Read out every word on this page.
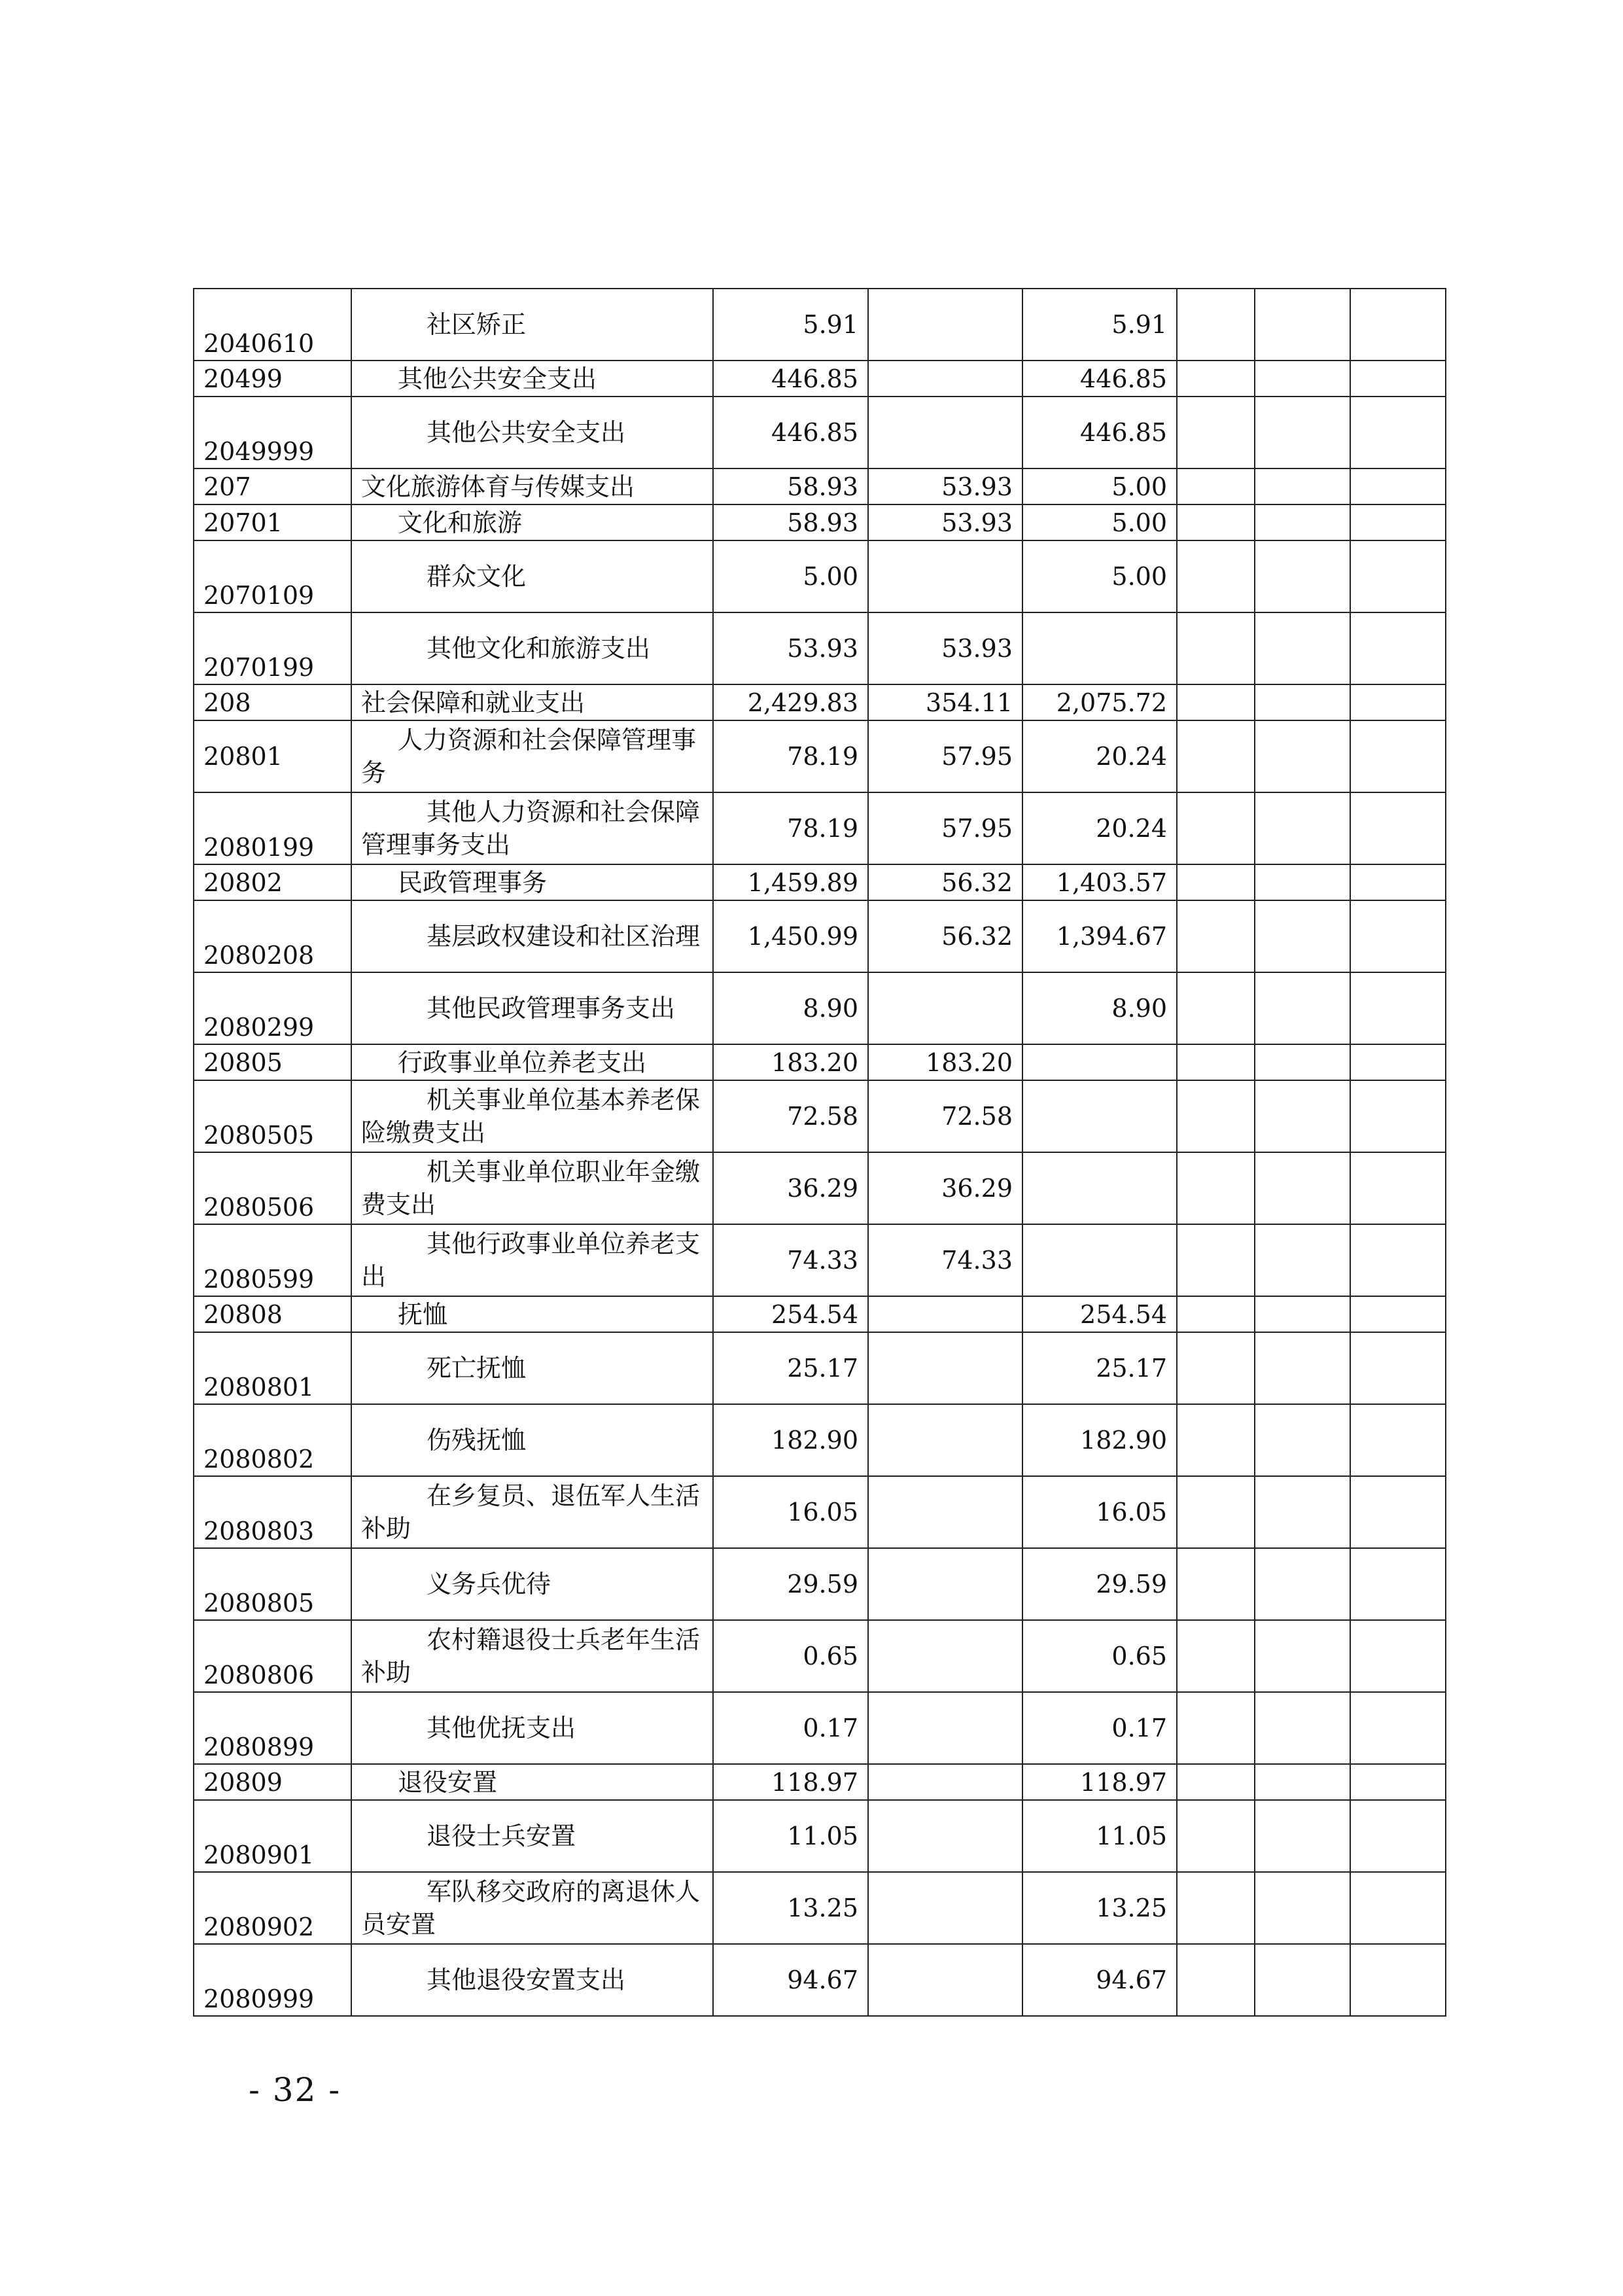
2040610	社区矫正	5.91		5.91			
20499	其他公共安全支出	446.85		446.85			
2049999	其他公共安全支出	446.85		446.85			
207	文化旅游体育与传媒支出	58.93	53.93	5.00			
20701	文化和旅游	58.93	53.93	5.00			
2070109	群众文化	5.00		5.00			
2070199	其他文化和旅游支出	53.93	53.93				
208	社会保障和就业支出	2,429.83	354.11	2,075.72			
20801	人力资源和社会保障管理事务	78.19	57.95	20.24			
2080199	其他人力资源和社会保障管理事务支出	78.19	57.95	20.24			
20802	民政管理事务	1,459.89	56.32	1,403.57			
2080208	基层政权建设和社区治理	1,450.99	56.32	1,394.67			
2080299	其他民政管理事务支出	8.90		8.90			
20805	行政事业单位养老支出	183.20	183.20				
2080505	机关事业单位基本养老保险缴费支出	72.58	72.58				
2080506	机关事业单位职业年金缴费支出	36.29	36.29				
2080599	其他行政事业单位养老支出	74.33	74.33				
20808	抚恤	254.54		254.54			
2080801	死亡抚恤	25.17		25.17			
2080802	伤残抚恤	182.90		182.90			
2080803	在乡复员、退伍军人生活补助	16.05		16.05			
2080805	义务兵优待	29.59		29.59			
2080806	农村籍退役士兵老年生活补助	0.65		0.65			
2080899	其他优抚支出	0.17		0.17			
20809	退役安置	118.97		118.97			
2080901	退役士兵安置	11.05		11.05			
2080902	军队移交政府的离退休人员安置	13.25		13.25			
2080999	其他退役安置支出	94.67		94.67			
- 32 -
